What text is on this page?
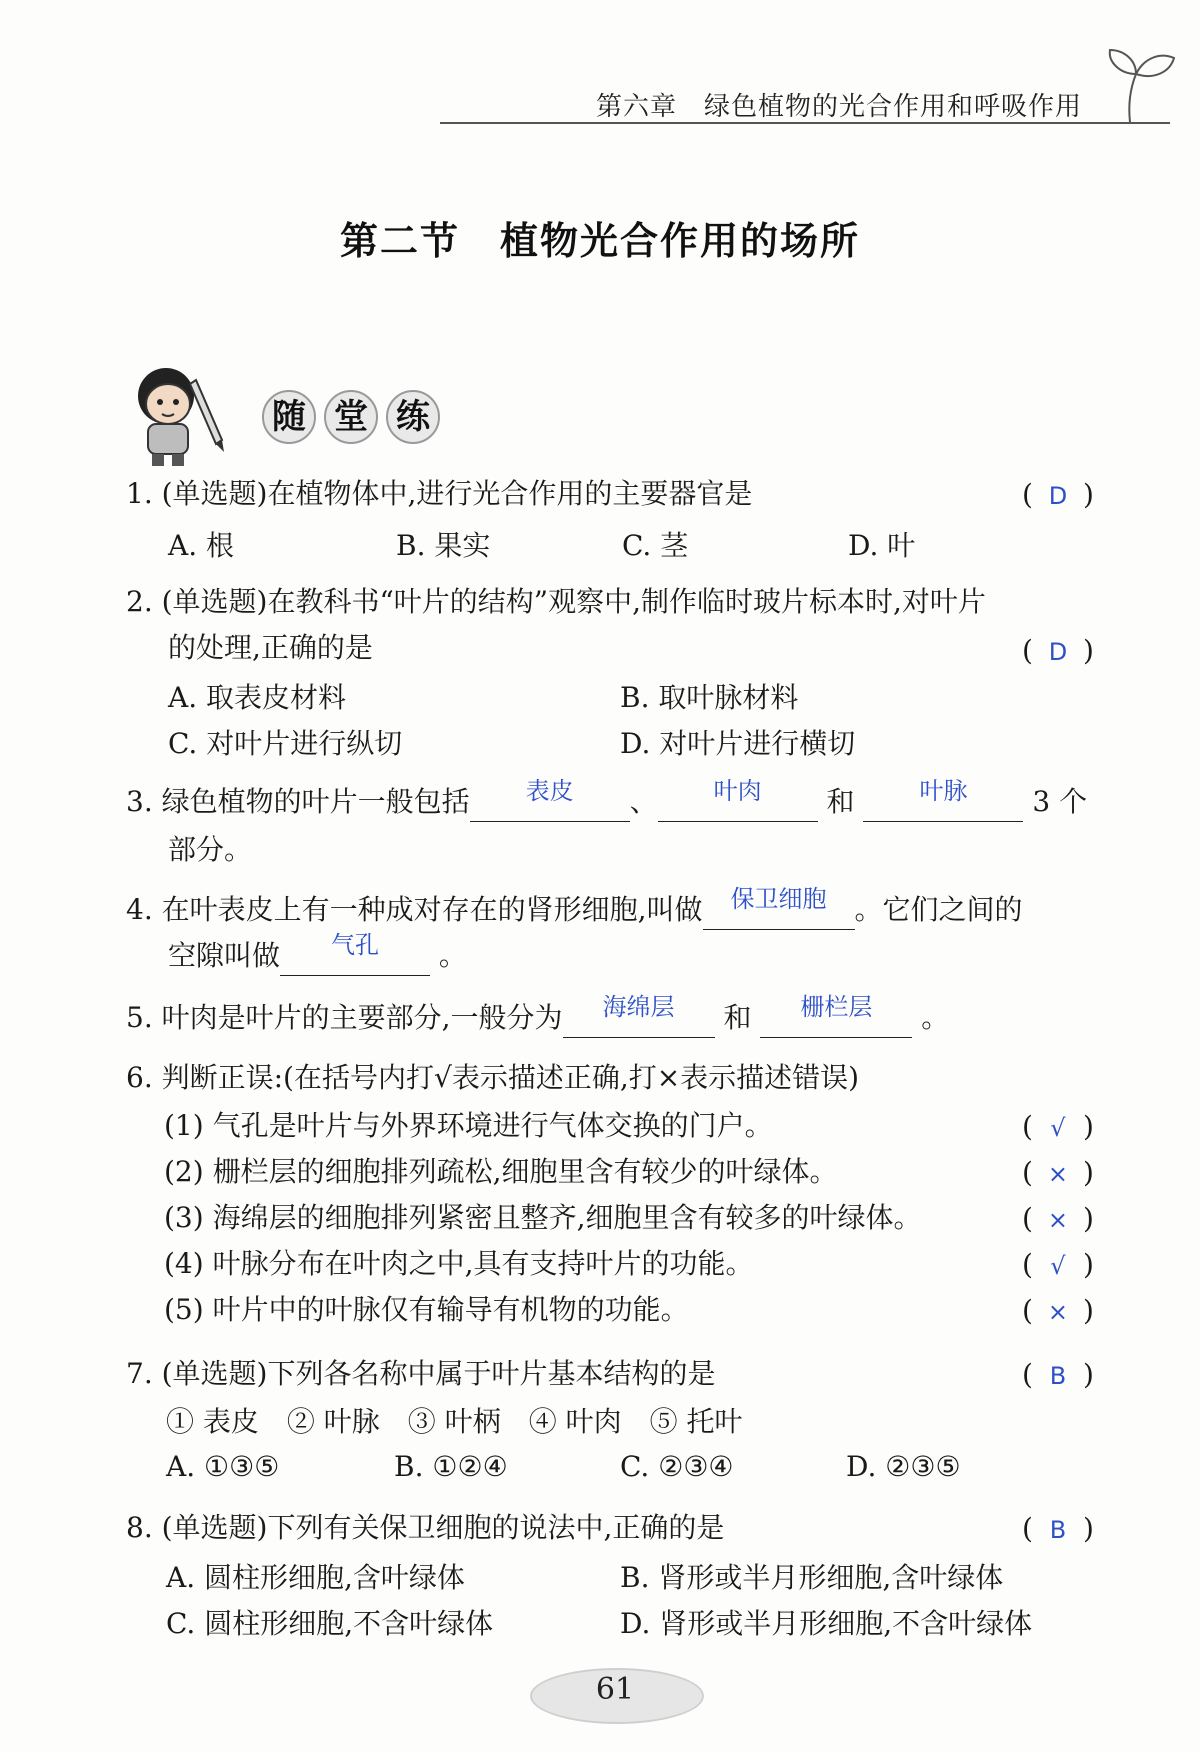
第六章　绿色植物的光合作用和呼吸作用
第二节 植物光合作用的场所
随 堂 练
1. (单选题)在植物体中,进行光合作用的主要器官是	( D )
A. 根	B. 果实	C. 茎	D. 叶
2. (单选题)在教科书“叶片的结构”观察中,制作临时玻片标本时,对叶片
的处理,正确的是	( D )
A. 取表皮材料	B. 取叶脉材料
C. 对叶片进行纵切	D. 对叶片进行横切
3. 绿色植物的叶片一般包括	表皮	、	叶肉	和	叶脉	3 个
部分。
4. 在叶表皮上有一种成对存在的肾形细胞,叫做	保卫细胞	。它们之间的
空隙叫做	气孔	。
5. 叶肉是叶片的主要部分,一般分为	海绵层	和	栅栏层	。
6. 判断正误:(在括号内打√表示描述正确,打×表示描述错误)
(1) 气孔是叶片与外界环境进行气体交换的门户。	( √ )
(2) 栅栏层的细胞排列疏松,细胞里含有较少的叶绿体。	( × )
(3) 海绵层的细胞排列紧密且整齐,细胞里含有较多的叶绿体。	( × )
(4) 叶脉分布在叶肉之中,具有支持叶片的功能。	( √ )
(5) 叶片中的叶脉仅有输导有机物的功能。	( × )
7. (单选题)下列各名称中属于叶片基本结构的是	( B )
① 表皮　② 叶脉　③ 叶柄　④ 叶肉　⑤ 托叶
A. ①③⑤	B. ①②④	C. ②③④	D. ②③⑤
8. (单选题)下列有关保卫细胞的说法中,正确的是	( B )
A. 圆柱形细胞,含叶绿体	B. 肾形或半月形细胞,含叶绿体
C. 圆柱形细胞,不含叶绿体	D. 肾形或半月形细胞,不含叶绿体
61
